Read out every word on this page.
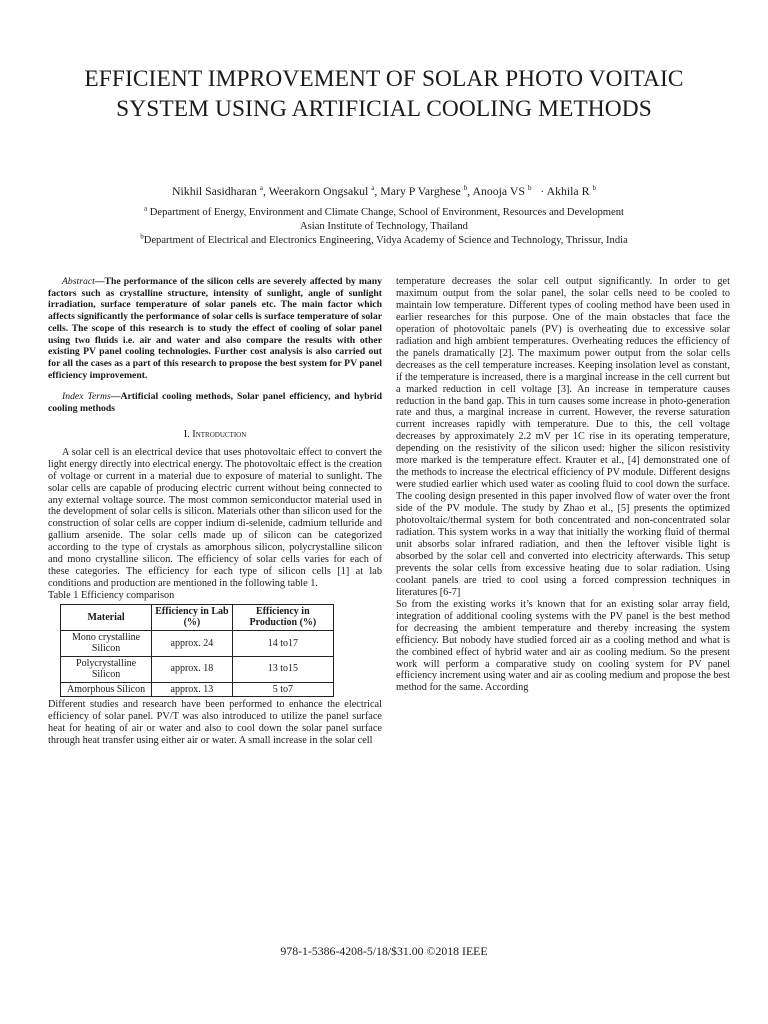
EFFICIENT IMPROVEMENT OF SOLAR PHOTO VOITAIC SYSTEM USING ARTIFICIAL COOLING METHODS
Nikhil Sasidharan $^a$, Weerakorn Ongsakul $^a$, Mary P Varghese $^b$, Anooja VS $^b$   · Akhila R $^b$
$^a$ Department of Energy, Environment and Climate Change, School of Environment, Resources and Development
Asian Institute of Technology, Thailand
$^b$Department of Electrical and Electronics Engineering, Vidya Academy of Science and Technology, Thrissur, India

Abstract—The performance of the silicon cells are severely affected by many factors such as crystalline structure, intensity of sunlight, angle of sunlight irradiation, surface temperature of solar panels etc. The main factor which affects significantly the performance of solar cells is surface temperature of solar cells. The scope of this research is to study the effect of cooling of solar panel using two fluids i.e. air and water and also compare the results with other existing PV panel cooling technologies. Further cost analysis is also carried out for all the cases as a part of this research to propose the best system for PV panel efficiency improvement.

Index Terms—Artificial cooling methods, Solar panel efficiency, and hybrid cooling methods

I. Introduction

A solar cell is an electrical device that uses photovoltaic effect to convert the light energy directly into electrical energy. The photovoltaic effect is the creation of voltage or current in a material due to exposure of material to sunlight. The solar cells are capable of producing electric current without being connected to any external voltage source. The most common semiconductor material used in the development of solar cells is silicon. Materials other than silicon used for the construction of solar cells are copper indium di-selenide, cadmium telluride and gallium arsenide. The solar cells made up of silicon can be categorized according to the type of crystals as amorphous silicon, polycrystalline silicon and mono crystalline silicon. The efficiency of solar cells varies for each of these categories. The efficiency for each type of silicon cells [1] at lab conditions and production are mentioned in the following table 1.

Table 1 Efficiency comparison

Material	Efficiency in Lab (%)	Efficiency in Production (%)
Mono crystalline Silicon	approx. 24	14 to17
Polycrystalline Silicon	approx. 18	13 to15
Amorphous Silicon	approx. 13	5 to7

Different studies and research have been performed to enhance the electrical efficiency of solar panel. PV/T was also introduced to utilize the panel surface heat for heating of air or water and also to cool down the solar panel surface through heat transfer using either air or water. A small increase in the solar cell

temperature decreases the solar cell output significantly. In order to get maximum output from the solar panel, the solar cells need to be cooled to maintain low temperature. Different types of cooling method have been used in earlier researches for this purpose. One of the main obstacles that face the operation of photovoltaic panels (PV) is overheating due to excessive solar radiation and high ambient temperatures. Overheating reduces the efficiency of the panels dramatically [2]. The maximum power output from the solar cells decreases as the cell temperature increases. Keeping insolation level as constant, if the temperature is increased, there is a marginal increase in the cell current but a marked reduction in cell voltage [3]. An increase in temperature causes reduction in the band gap. This in turn causes some increase in photo-generation rate and thus, a marginal increase in current. However, the reverse saturation current increases rapidly with temperature. Due to this, the cell voltage decreases by approximately 2.2 mV per 1C rise in its operating temperature, depending on the resistivity of the silicon used: higher the silicon resistivity more marked is the temperature effect. Krauter et al., [4] demonstrated one of the methods to increase the electrical efficiency of PV module. Different designs were studied earlier which used water as cooling fluid to cool down the surface. The cooling design presented in this paper involved flow of water over the front side of the PV module. The study by Zhao et al., [5] presents the optimized photovoltaic/thermal system for both concentrated and non-concentrated solar radiation. This system works in a way that initially the working fluid of thermal unit absorbs solar infrared radiation, and then the leftover visible light is absorbed by the solar cell and converted into electricity afterwards. This setup prevents the solar cells from excessive heating due to solar radiation. Using coolant panels are tried to cool using a forced compression techniques in literatures [6-7]

So from the existing works it’s known that for an existing solar array field, integration of additional cooling systems with the PV panel is the best method for decreasing the ambient temperature and thereby increasing the system efficiency. But nobody have studied forced air as a cooling method and what is the combined effect of hybrid water and air as cooling medium. So the present work will perform a comparative study on cooling system for PV panel efficiency increment using water and air as cooling medium and propose the best method for the same. According

978-1-5386-4208-5/18/$31.00 ©2018 IEEE
